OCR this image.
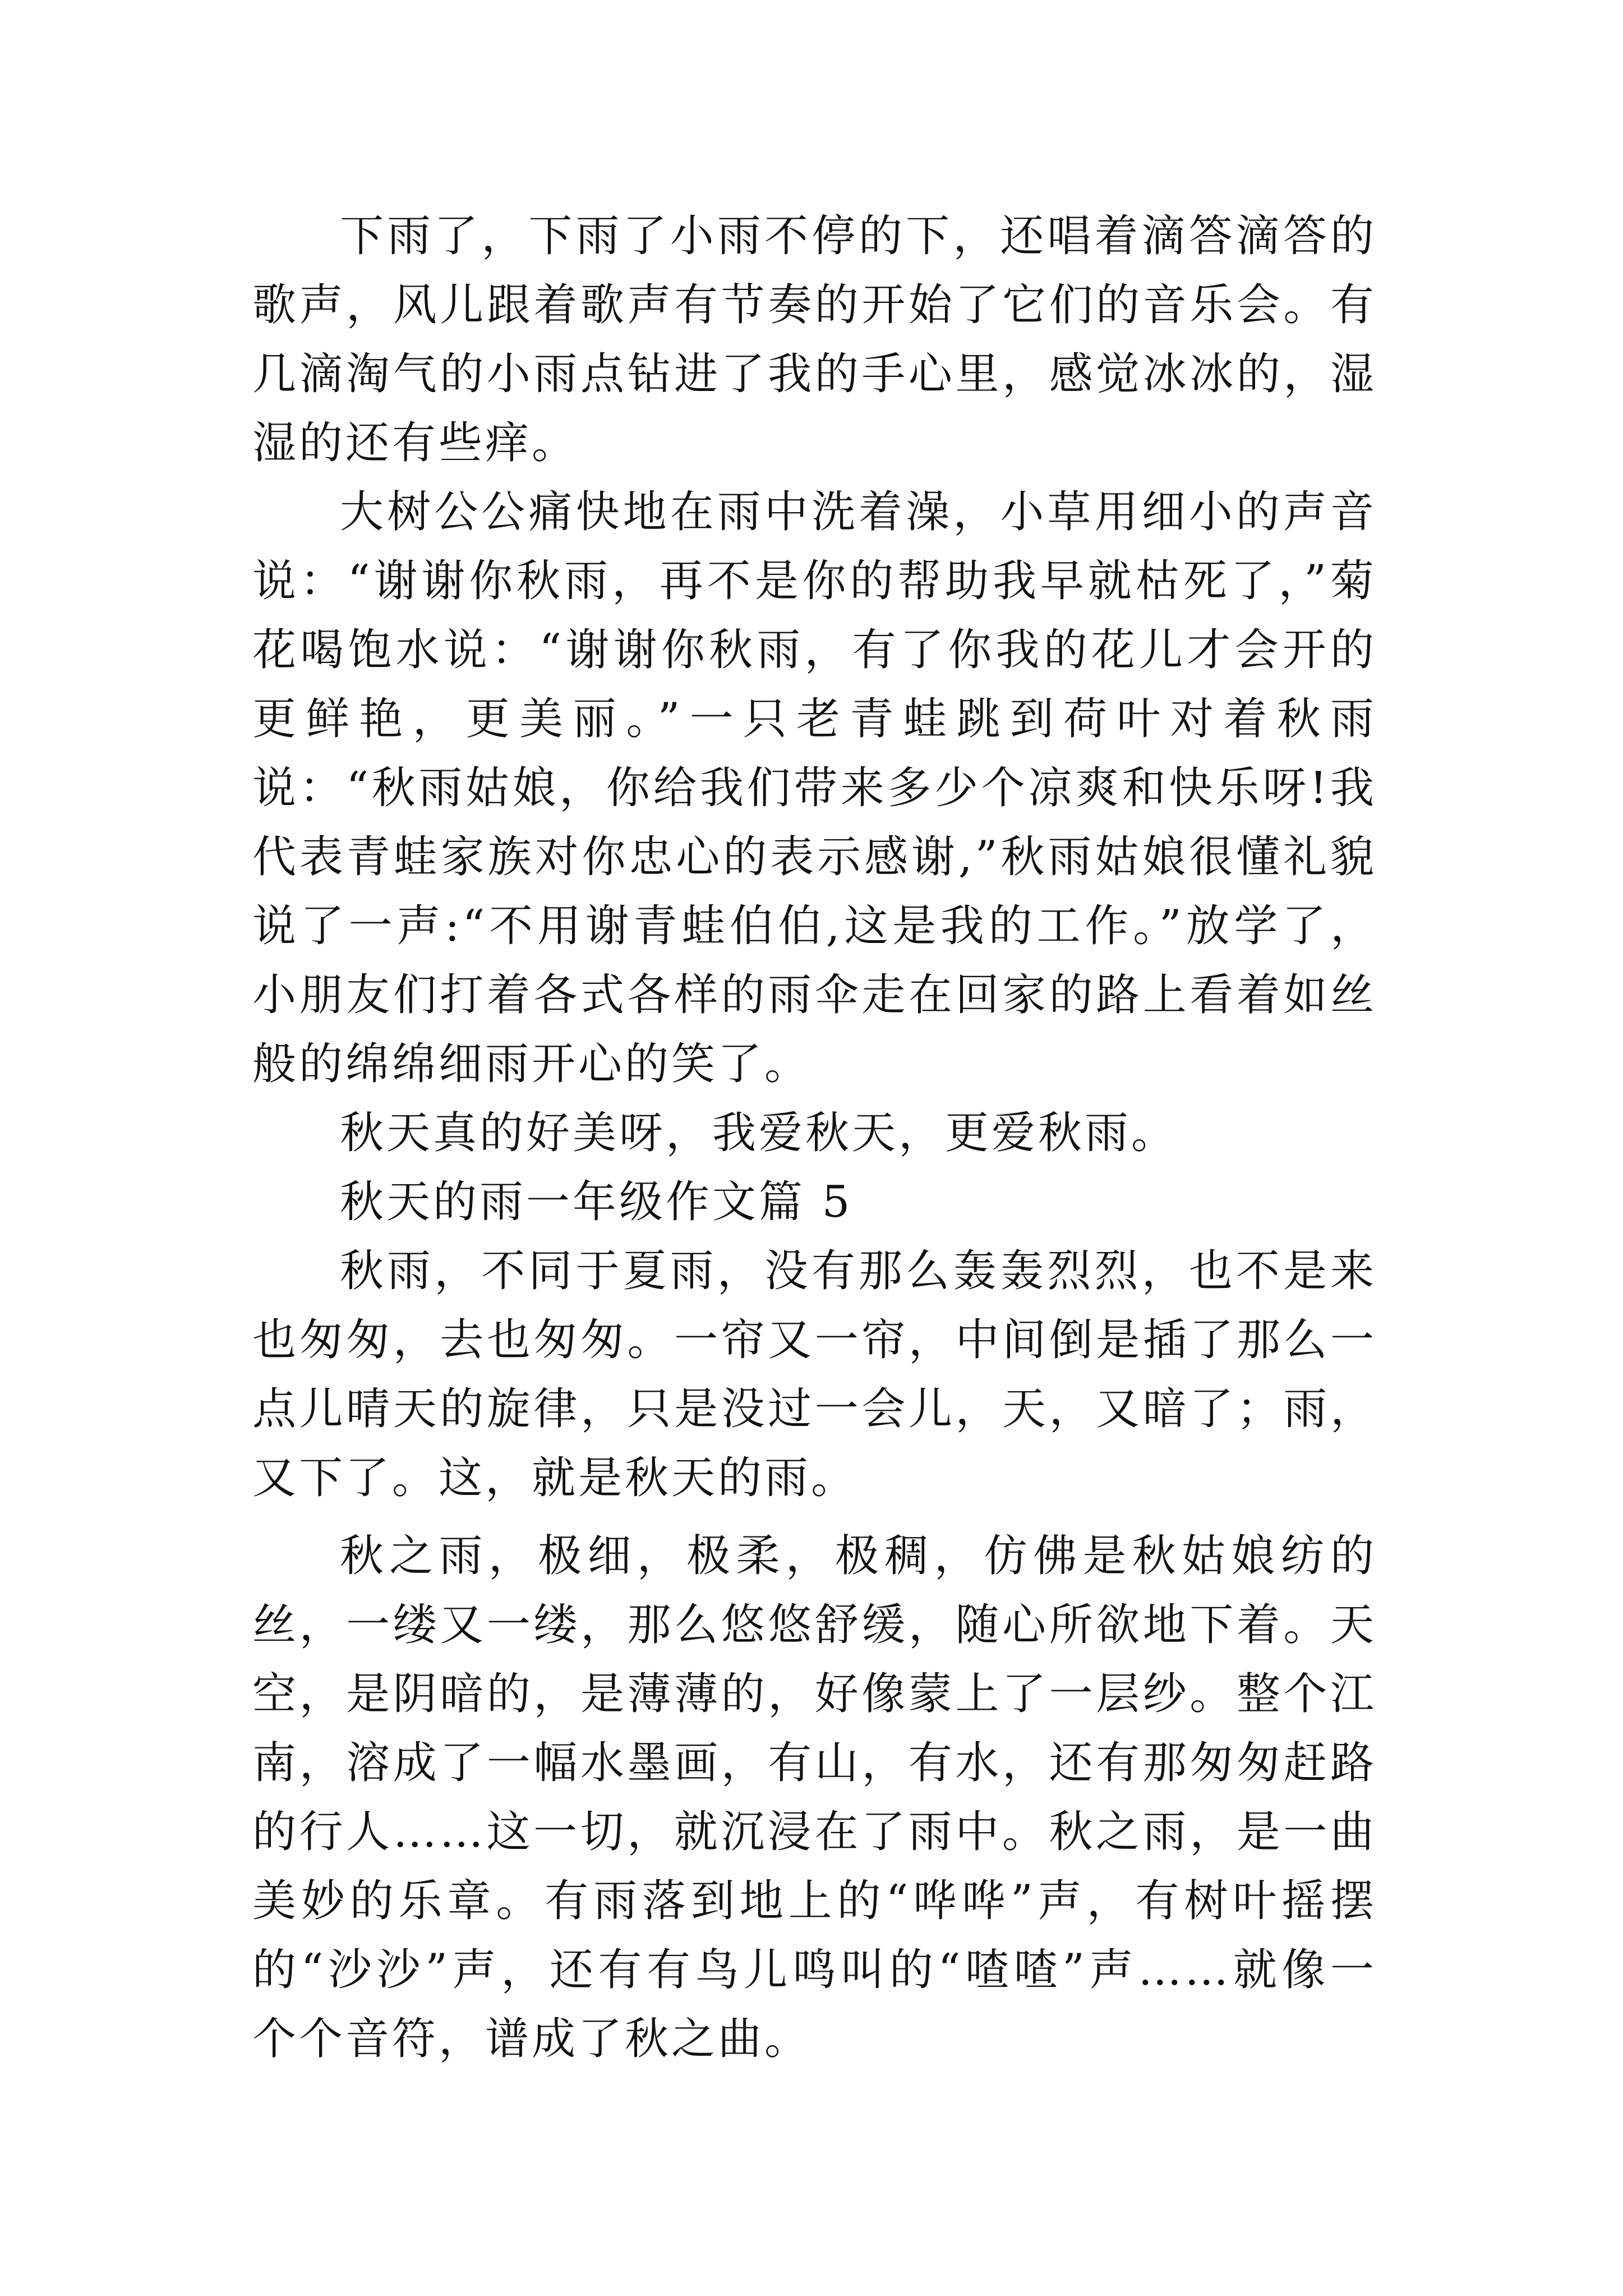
下雨了，下雨了小雨不停的下，还唱着滴答滴答的歌声，风儿跟着歌声有节奏的开始了它们的音乐会。有几滴淘气的小雨点钻进了我的手心里，感觉冰冰的，湿湿的还有些痒。

大树公公痛快地在雨中洗着澡，小草用细小的声音说：“谢谢你秋雨，再不是你的帮助我早就枯死了，”菊花喝饱水说：“谢谢你秋雨，有了你我的花儿才会开的更鲜艳，更美丽。”一只老青蛙跳到荷叶对着秋雨说：“秋雨姑娘，你给我们带来多少个凉爽和快乐呀!我代表青蛙家族对你忠心的表示感谢,”秋雨姑娘很懂礼貌说了一声:“不用谢青蛙伯伯,这是我的工作。”放学了，小朋友们打着各式各样的雨伞走在回家的路上看着如丝般的绵绵细雨开心的笑了。

秋天真的好美呀，我爱秋天，更爱秋雨。

秋天的雨一年级作文篇 5

秋雨，不同于夏雨，没有那么轰轰烈烈，也不是来也匆匆，去也匆匆。一帘又一帘，中间倒是插了那么一点儿晴天的旋律，只是没过一会儿，天，又暗了；雨，又下了。这，就是秋天的雨。

秋之雨，极细，极柔，极稠，仿佛是秋姑娘纺的丝，一缕又一缕，那么悠悠舒缓，随心所欲地下着。天空，是阴暗的，是薄薄的，好像蒙上了一层纱。整个江南，溶成了一幅水墨画，有山，有水，还有那匆匆赶路的行人……这一切，就沉浸在了雨中。秋之雨，是一曲美妙的乐章。有雨落到地上的“哗哗”声，有树叶摇摆的“沙沙”声，还有有鸟儿鸣叫的“喳喳”声……就像一个个音符，谱成了秋之曲。
